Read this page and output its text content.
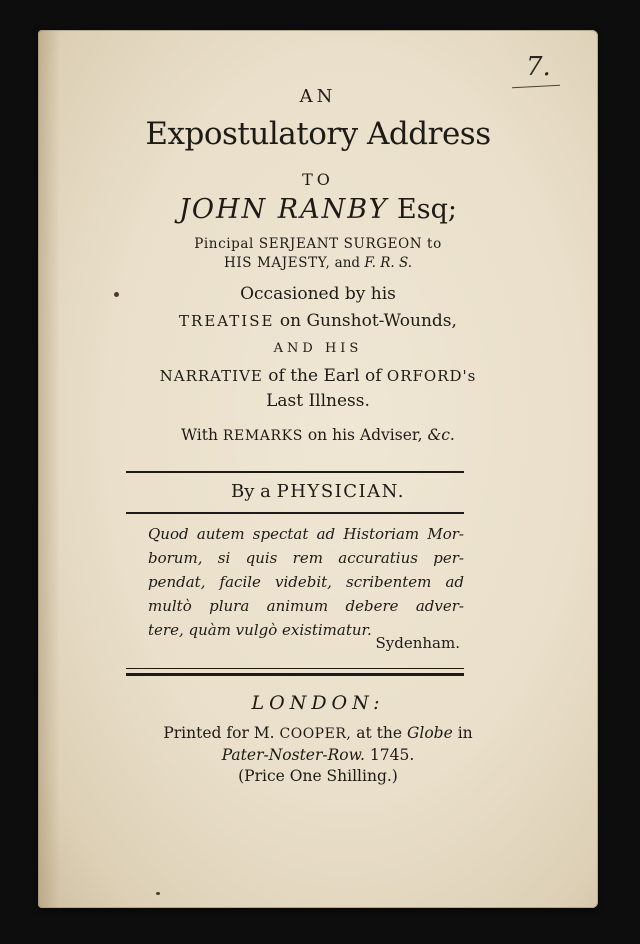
7.
AN
Expostulatory Address
TO
JOHN RANBY Esq;
Pincipal SERJEANT SURGEON to
HIS MAJESTY, and F. R. S.
Occasioned by his
TREATISE on Gunshot-Wounds,
AND HIS
NARRATIVE of the Earl of ORFORD's
Last Illness.
With REMARKS on his Adviser, &c.
By a PHYSICIAN.
Quod autem spectat ad Historiam Mor-
borum, si quis rem accuratius per-
pendat, facile videbit, scribentem ad
multò plura animum debere adver-
tere, quàm vulgò existimatur.
Sydenham.
LONDON:
Printed for M. COOPER, at the Globe in
Pater-Noster-Row. 1745.
(Price One Shilling.)
